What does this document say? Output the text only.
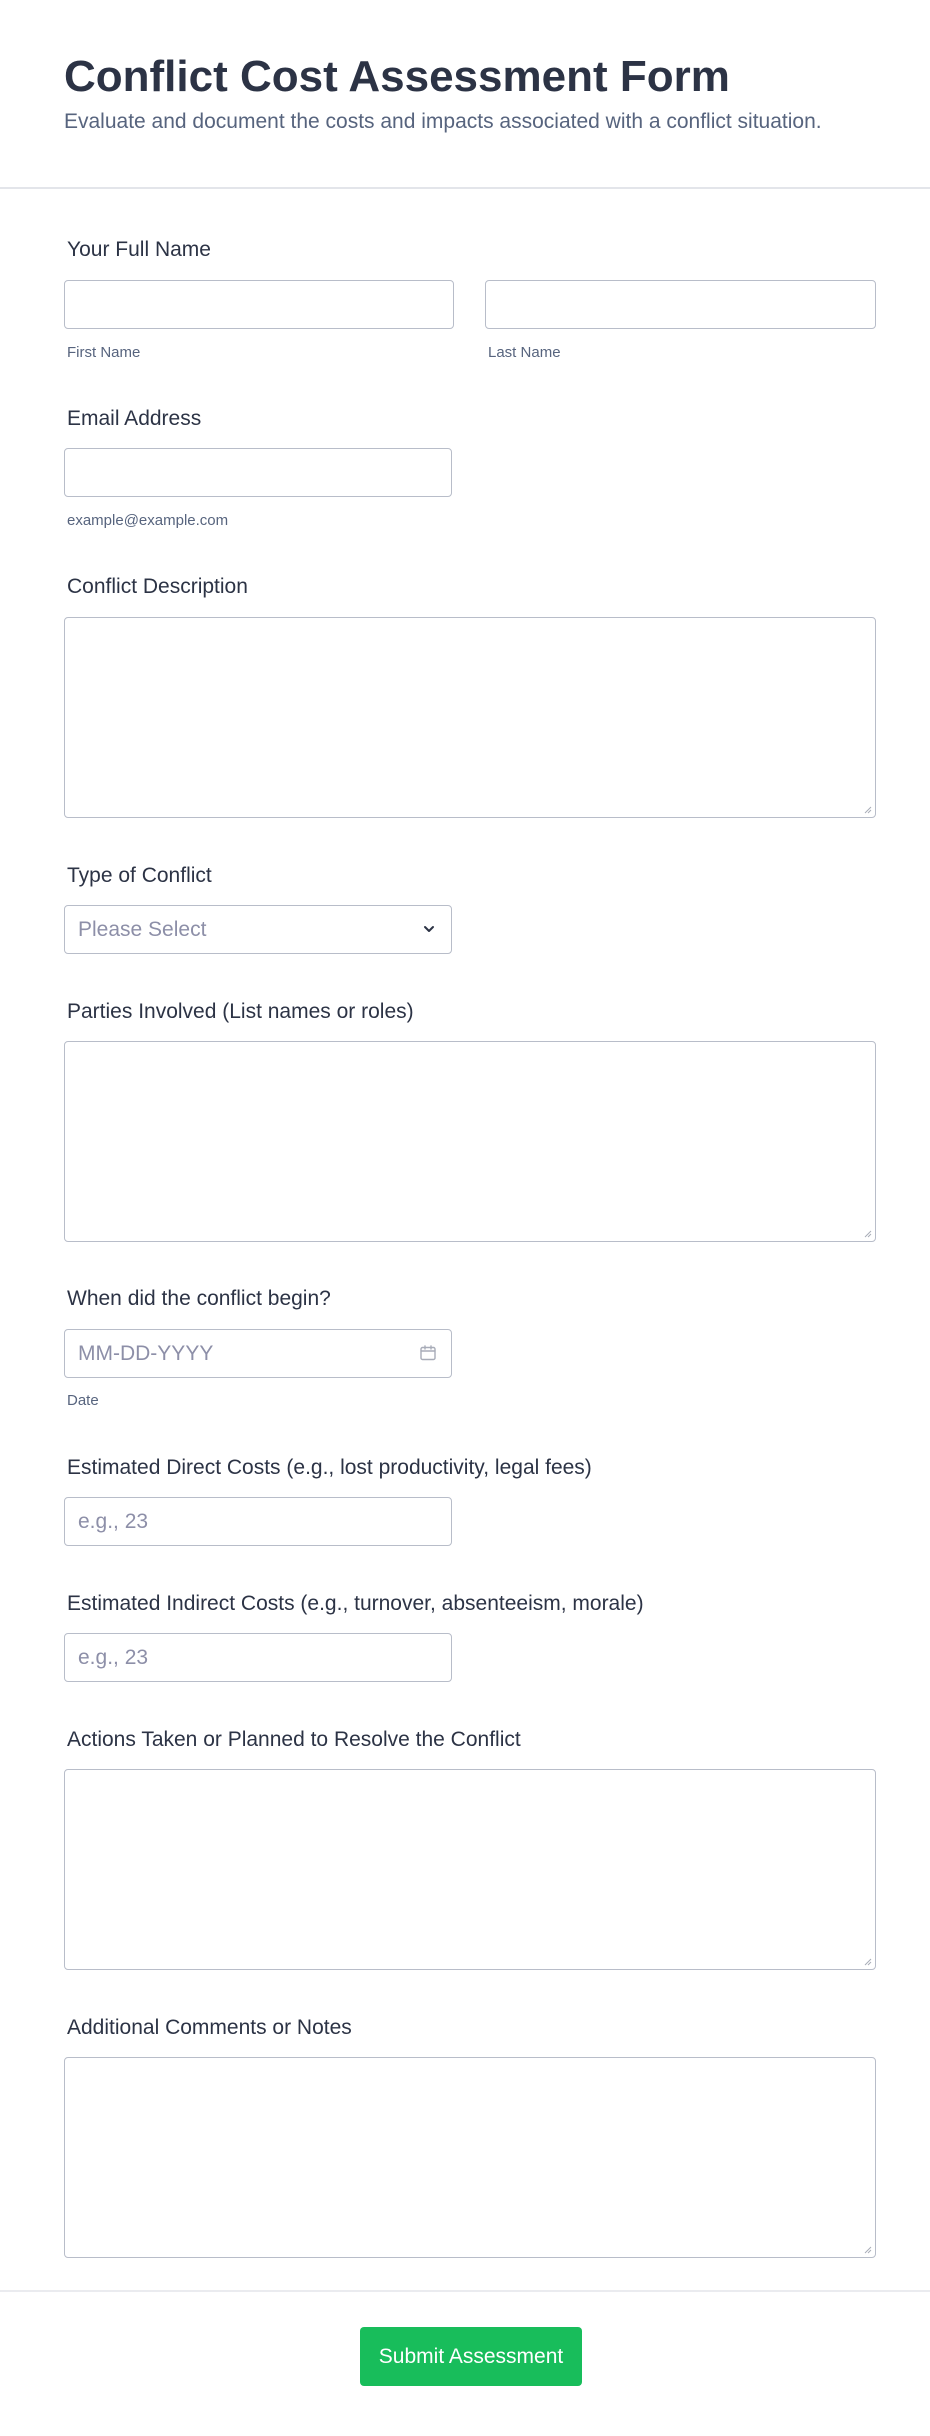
Conflict Cost Assessment Form
Evaluate and document the costs and impacts associated with a conflict situation.
Your Full Name
First Name	Last Name
Email Address
example@example.com
Conflict Description
Type of Conflict
Please Select
Parties Involved (List names or roles)
When did the conflict begin?
MM-DD-YYYY
Date
Estimated Direct Costs (e.g., lost productivity, legal fees)
e.g., 23
Estimated Indirect Costs (e.g., turnover, absenteeism, morale)
e.g., 23
Actions Taken or Planned to Resolve the Conflict
Additional Comments or Notes
Submit Assessment
